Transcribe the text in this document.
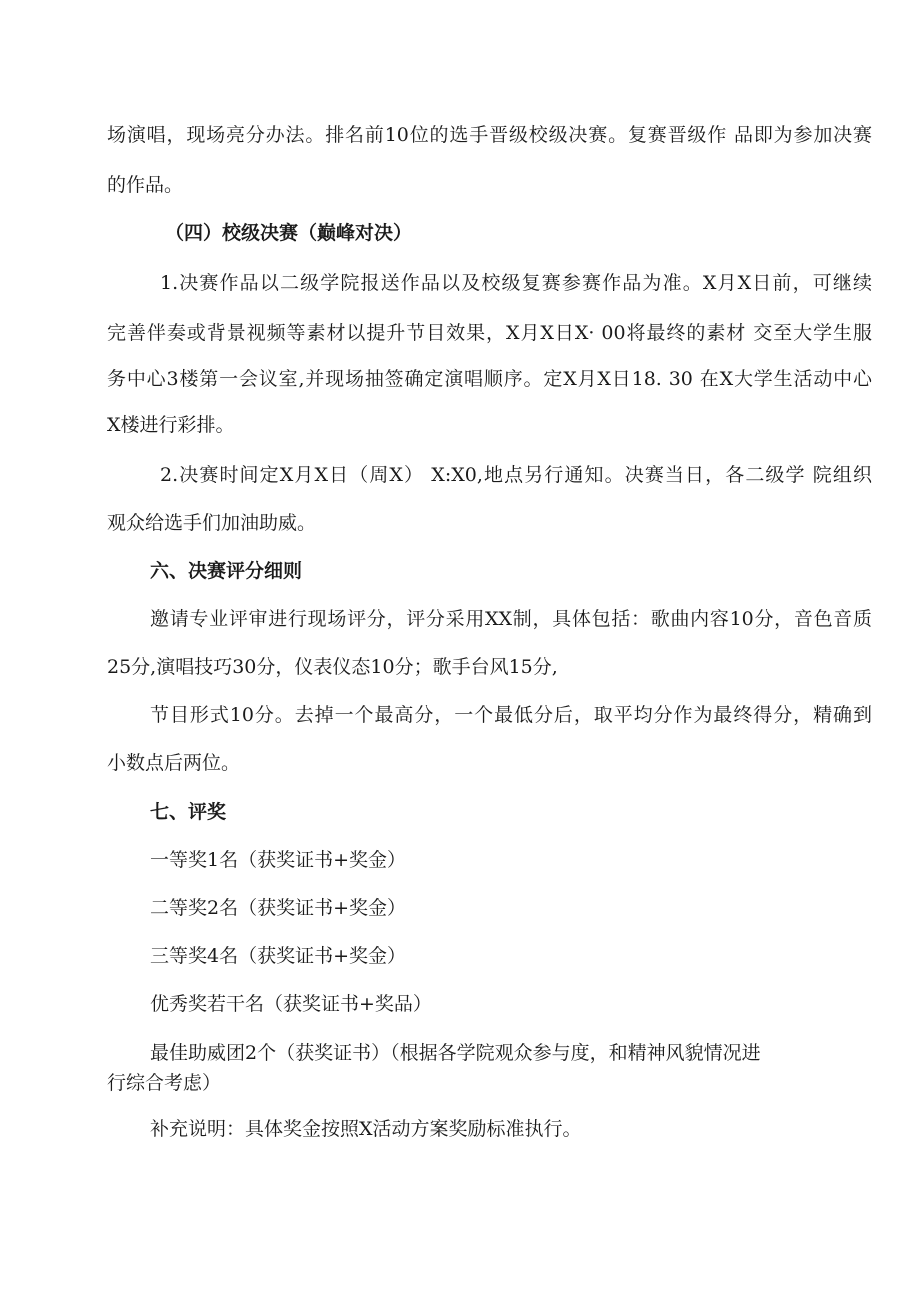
场演唱，现场亮分办法。排名前10位的选手晋级校级决赛。复赛晋级作 品即为参加决赛
的作品。
（四）校级决赛（巅峰对决）
1.决赛作品以二级学院报送作品以及校级复赛参赛作品为准。X月X日前，可继续
完善伴奏或背景视频等素材以提升节目效果，X月X日X· 00将最终的素材 交至大学生服
务中心3楼第一会议室,并现场抽签确定演唱顺序。定X月X日18. 30 在X大学生活动中心
X楼进行彩排。
2.决赛时间定X月X日（周X） X:X0,地点另行通知。决赛当日，各二级学 院组织
观众给选手们加油助威。
六、决赛评分细则
邀请专业评审进行现场评分，评分采用XX制，具体包括：歌曲内容10分，音色音质
25分,演唱技巧30分，仪表仪态10分；歌手台风15分,
节目形式10分。去掉一个最高分，一个最低分后，取平均分作为最终得分，精确到
小数点后两位。
七、评奖
一等奖1名（获奖证书+奖金）
二等奖2名（获奖证书+奖金）
三等奖4名（获奖证书+奖金）
优秀奖若干名（获奖证书+奖品）
最佳助威团2个（获奖证书）（根据各学院观众参与度，和精神风貌情况进
行综合考虑）
补充说明：具体奖金按照X活动方案奖励标准执行。
